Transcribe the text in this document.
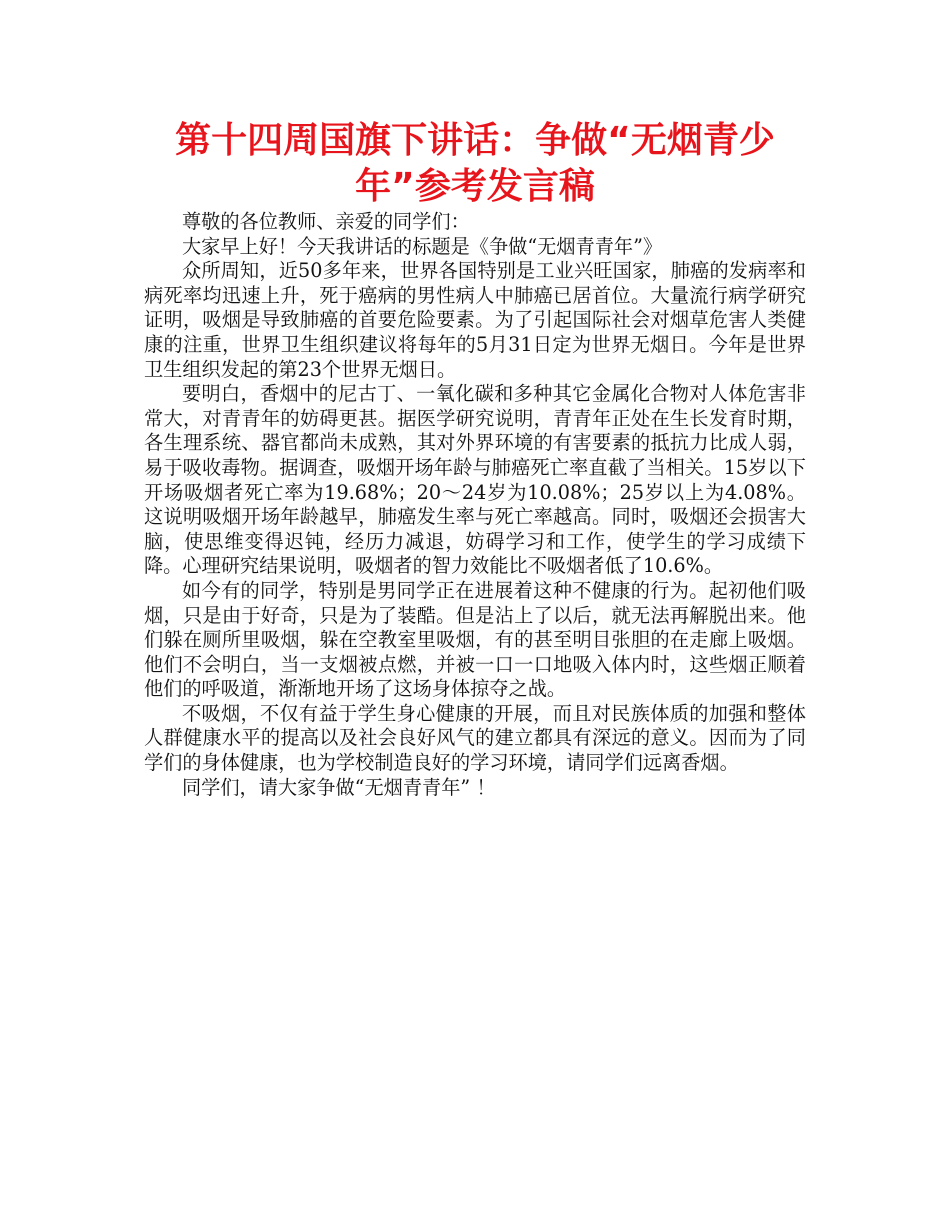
第十四周国旗下讲话：争做“无烟青少年”参考发言稿

尊敬的各位教师、亲爱的同学们：

大家早上好！今天我讲话的标题是《争做“无烟青青年”》

众所周知，近50多年来，世界各国特别是工业兴旺国家，肺癌的发病率和病死率均迅速上升，死于癌病的男性病人中肺癌已居首位。大量流行病学研究证明，吸烟是导致肺癌的首要危险要素。为了引起国际社会对烟草危害人类健康的注重，世界卫生组织建议将每年的5月31日定为世界无烟日。今年是世界卫生组织发起的第23个世界无烟日。

要明白，香烟中的尼古丁、一氧化碳和多种其它金属化合物对人体危害非常大，对青青年的妨碍更甚。据医学研究说明，青青年正处在生长发育时期，各生理系统、器官都尚未成熟，其对外界环境的有害要素的抵抗力比成人弱，易于吸收毒物。据调查，吸烟开场年龄与肺癌死亡率直截了当相关。15岁以下开场吸烟者死亡率为19.68%；20～24岁为10.08%；25岁以上为4.08%。这说明吸烟开场年龄越早，肺癌发生率与死亡率越高。同时，吸烟还会损害大脑，使思维变得迟钝，经历力减退，妨碍学习和工作，使学生的学习成绩下降。心理研究结果说明，吸烟者的智力效能比不吸烟者低了10.6%。

如今有的同学，特别是男同学正在进展着这种不健康的行为。起初他们吸烟，只是由于好奇，只是为了装酷。但是沾上了以后，就无法再解脱出来。他们躲在厕所里吸烟，躲在空教室里吸烟，有的甚至明目张胆的在走廊上吸烟。他们不会明白，当一支烟被点燃，并被一口一口地吸入体内时，这些烟正顺着他们的呼吸道，渐渐地开场了这场身体掠夺之战。

不吸烟，不仅有益于学生身心健康的开展，而且对民族体质的加强和整体人群健康水平的提高以及社会良好风气的建立都具有深远的意义。因而为了同学们的身体健康，也为学校制造良好的学习环境，请同学们远离香烟。

同学们，请大家争做“无烟青青年” ！
